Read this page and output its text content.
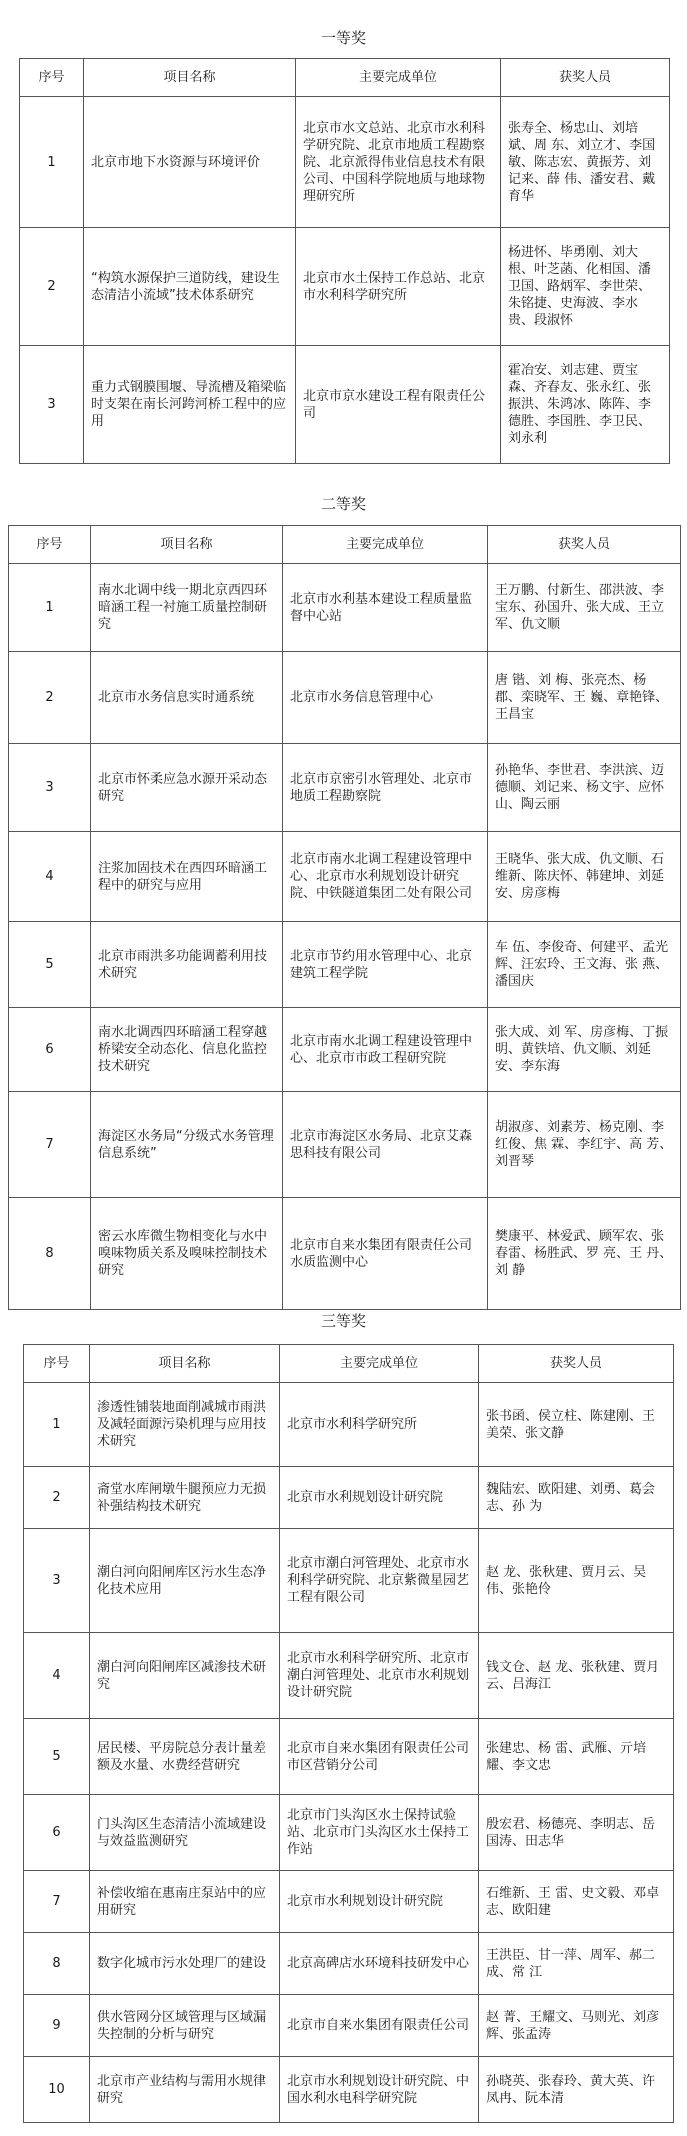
一等奖
序号	项目名称	主要完成单位	获奖人员
1	北京市地下水资源与环境评价	北京市水文总站、北京市水利科学研究院、北京市地质工程勘察院、北京派得伟业信息技术有限公司、中国科学院地质与地球物理研究所	张寿全、杨忠山、刘培斌、周 东、刘立才、李国敏、陈志宏、黄振芳、刘记来、薛 伟、潘安君、戴育华
2	“构筑水源保护三道防线，建设生态清洁小流域”技术体系研究	北京市水土保持工作总站、北京市水利科学研究所	杨进怀、毕勇刚、刘大根、叶芝菡、化相国、潘卫国、路炳军、李世荣、朱铭捷、史海波、李水贵、段淑怀
3	重力式钢膜围堰、导流槽及箱梁临时支架在南长河跨河桥工程中的应用	北京市京水建设工程有限责任公司	霍冶安、刘志建、贾宝森、齐春友、张永红、张振洪、朱鸿冰、陈阵、李德胜、李国胜、李卫民、刘永利
二等奖
序号	项目名称	主要完成单位	获奖人员
1	南水北调中线一期北京西四环暗涵工程一衬施工质量控制研究	北京市水利基本建设工程质量监督中心站	王万鹏、付新生、邵洪波、李宝东、孙国升、张大成、王立军、仇文顺
2	北京市水务信息实时通系统	北京市水务信息管理中心	唐 锴、刘 梅、张亮杰、杨 郡、栾晓军、王 巍、章艳锋、王昌宝
3	北京市怀柔应急水源开采动态研究	北京市京密引水管理处、北京市地质工程勘察院	孙艳华、李世君、李洪滨、迈德顺、刘记来、杨文宇、应怀山、陶云丽
4	注浆加固技术在西四环暗涵工程中的研究与应用	北京市南水北调工程建设管理中心、北京市水利规划设计研究院、中铁隧道集团二处有限公司	王晓华、张大成、仇文顺、石维新、陈庆怀、韩建坤、刘延安、房彦梅
5	北京市雨洪多功能调蓄利用技术研究	北京市节约用水管理中心、北京建筑工程学院	车 伍、李俊奇、何建平、孟光辉、汪宏玲、王文海、张 燕、潘国庆
6	南水北调西四环暗涵工程穿越桥梁安全动态化、信息化监控技术研究	北京市南水北调工程建设管理中心、北京市市政工程研究院	张大成、刘 军、房彦梅、丁振明、黄铁培、仇文顺、刘延安、李东海
7	海淀区水务局“分级式水务管理信息系统”	北京市海淀区水务局、北京艾森思科技有限公司	胡淑彦、刘素芳、杨克刚、李红俊、焦 霖、李红宇、高 芳、刘晋琴
8	密云水库微生物相变化与水中嗅味物质关系及嗅味控制技术研究	北京市自来水集团有限责任公司水质监测中心	樊康平、林爱武、顾军农、张春雷、杨胜武、罗 亮、王 丹、刘 静
三等奖
序号	项目名称	主要完成单位	获奖人员
1	渗透性铺装地面削减城市雨洪及减轻面源污染机理与应用技术研究	北京市水利科学研究所	张书函、侯立柱、陈建刚、王美荣、张文静
2	斋堂水库闸墩牛腿预应力无损补强结构技术研究	北京市水利规划设计研究院	魏陆宏、欧阳建、刘勇、葛会志、孙 为
3	潮白河向阳闸库区污水生态净化技术应用	北京市潮白河管理处、北京市水利科学研究院、北京紫微星园艺工程有限公司	赵 龙、张秋建、贾月云、吴 伟、张艳伶
4	潮白河向阳闸库区减渗技术研究	北京市水利科学研究所、北京市潮白河管理处、北京市水利规划设计研究院	钱文仓、赵 龙、张秋建、贾月云、吕海江
5	居民楼、平房院总分表计量差额及水量、水费经营研究	北京市自来水集团有限责任公司市区营销分公司	张建忠、杨 雷、武雁、亓培耀、李文忠
6	门头沟区生态清洁小流域建设与效益监测研究	北京市门头沟区水土保持试验站、北京市门头沟区水土保持工作站	殷宏君、杨德亮、李明志、岳国涛、田志华
7	补偿收缩在惠南庄泵站中的应用研究	北京市水利规划设计研究院	石维新、王 雷、史文毅、邓卓志、欧阳建
8	数字化城市污水处理厂的建设	北京高碑店水环境科技研发中心	王洪臣、甘一萍、周军、郝二成、常 江
9	供水管网分区域管理与区域漏失控制的分析与研究	北京市自来水集团有限责任公司	赵 菁、王耀文、马则光、刘彦辉、张孟涛
10	北京市产业结构与需用水规律研究	北京市水利规划设计研究院、中国水利水电科学研究院	孙晓英、张春玲、黄大英、许凤冉、阮本清
